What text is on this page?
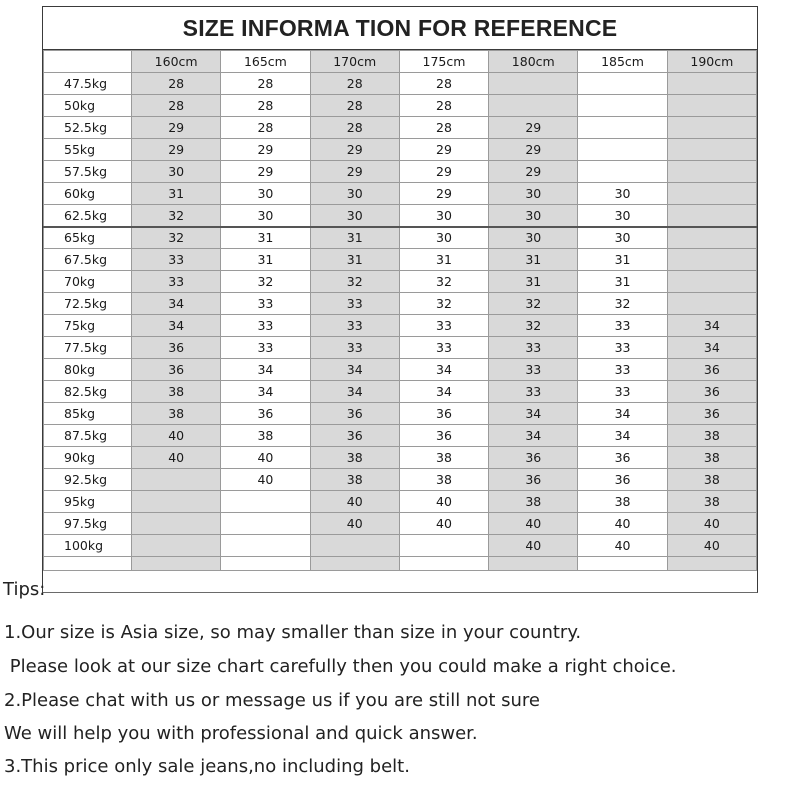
SIZE INFORMA TION FOR REFERENCE
	160cm	165cm	170cm	175cm	180cm	185cm	190cm
47.5kg	28	28	28	28			
50kg	28	28	28	28			
52.5kg	29	28	28	28	29		
55kg	29	29	29	29	29		
57.5kg	30	29	29	29	29		
60kg	31	30	30	29	30	30	
62.5kg	32	30	30	30	30	30	
65kg	32	31	31	30	30	30	
67.5kg	33	31	31	31	31	31	
70kg	33	32	32	32	31	31	
72.5kg	34	33	33	32	32	32	
75kg	34	33	33	33	32	33	34
77.5kg	36	33	33	33	33	33	34
80kg	36	34	34	34	33	33	36
82.5kg	38	34	34	34	33	33	36
85kg	38	36	36	36	34	34	36
87.5kg	40	38	36	36	34	34	38
90kg	40	40	38	38	36	36	38
92.5kg		40	38	38	36	36	38
95kg			40	40	38	38	38
97.5kg			40	40	40	40	40
100kg					40	40	40

Tips:
1.Our size is Asia size, so may smaller than size in your country.
Please look at our size chart carefully then you could make a right choice.
2.Please chat with us or message us if you are still not sure
We will help you with professional and quick answer.
3.This price only sale jeans,no including belt.
